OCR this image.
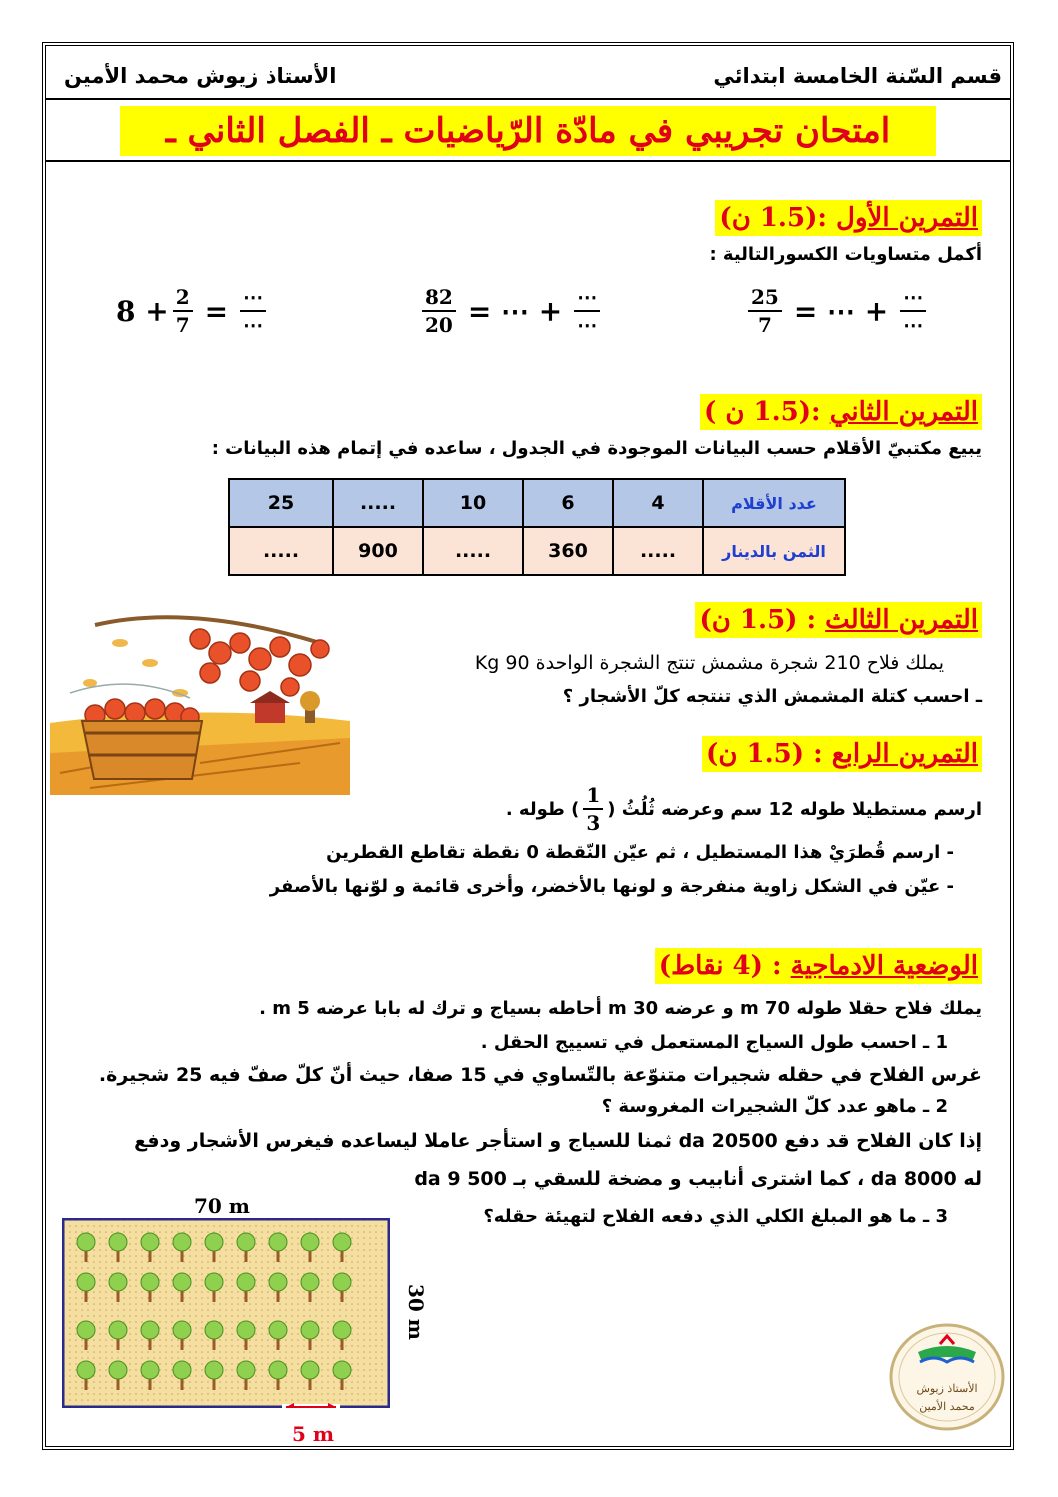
قسم السّنة الخامسة ابتدائي
الأستاذ زيوش محمد الأمين
امتحان تجريبي في مادّة الرّياضيات ـ الفصل الثاني ـ
التمرين الأول :(1.5 ن)
أكمل متساويات الكسورالتالية :
$\frac{25}{7}$ = ⋯ + $\frac{\cdots}{\cdots}$
$\frac{82}{20}$ = ⋯ + $\frac{\cdots}{\cdots}$
$8 + \frac{2}{7} = \frac{\cdots}{\cdots}$
التمرين الثاني :(1.5 ن )
يبيع مكتبيّ الأقلام حسب البيانات الموجودة في الجدول ، ساعده في إتمام هذه البيانات :
عدد الأقلام	4	6	10	.....	25
الثمن بالدينار	.....	360	.....	900	.....
التمرين الثالث : (1.5 ن)
يملك فلاح 210 شجرة مشمش تنتج الشجرة الواحدة 90 Kg
ـ احسب كتلة المشمش الذي تنتجه كلّ الأشجار ؟
التمرين الرابع : (1.5 ن)
ارسم مستطيلا طوله 12 سم وعرضه ثُلُثُ (
$\frac{1}{3}$
) طوله .
- ارسم قُطرَيْ هذا المستطيل ، ثم عيّن النّقطة 0 نقطة تقاطع القطرين
- عيّن في الشكل زاوية منفرجة و لونها بالأخضر، وأخرى قائمة و لوّنها بالأصفر
الوضعية الادماجية : (4 نقاط)
يملك فلاح حقلا طوله 70 m و عرضه 30 m أحاطه بسياج و ترك له بابا عرضه 5 m .
1 ـ احسب طول السياج المستعمل في تسييج الحقل .
غرس الفلاح في حقله شجيرات متنوّعة بالتّساوي في 15 صفا، حيث أنّ كلّ صفّ فيه 25 شجيرة.
2 ـ ماهو عدد كلّ الشجيرات المغروسة ؟
إذا كان الفلاح قد دفع 20500 da ثمنا للسياج و استأجر عاملا ليساعده فيغرس الأشجار ودفع
له 8000 da ، كما اشترى أنابيب و مضخة للسقي بـ da 9 500
3 ـ ما هو المبلغ الكلي الذي دفعه الفلاح لتهيئة حقله؟
70 m
30 m
5 m
الأستاذ زيوش
محمد الأمين
